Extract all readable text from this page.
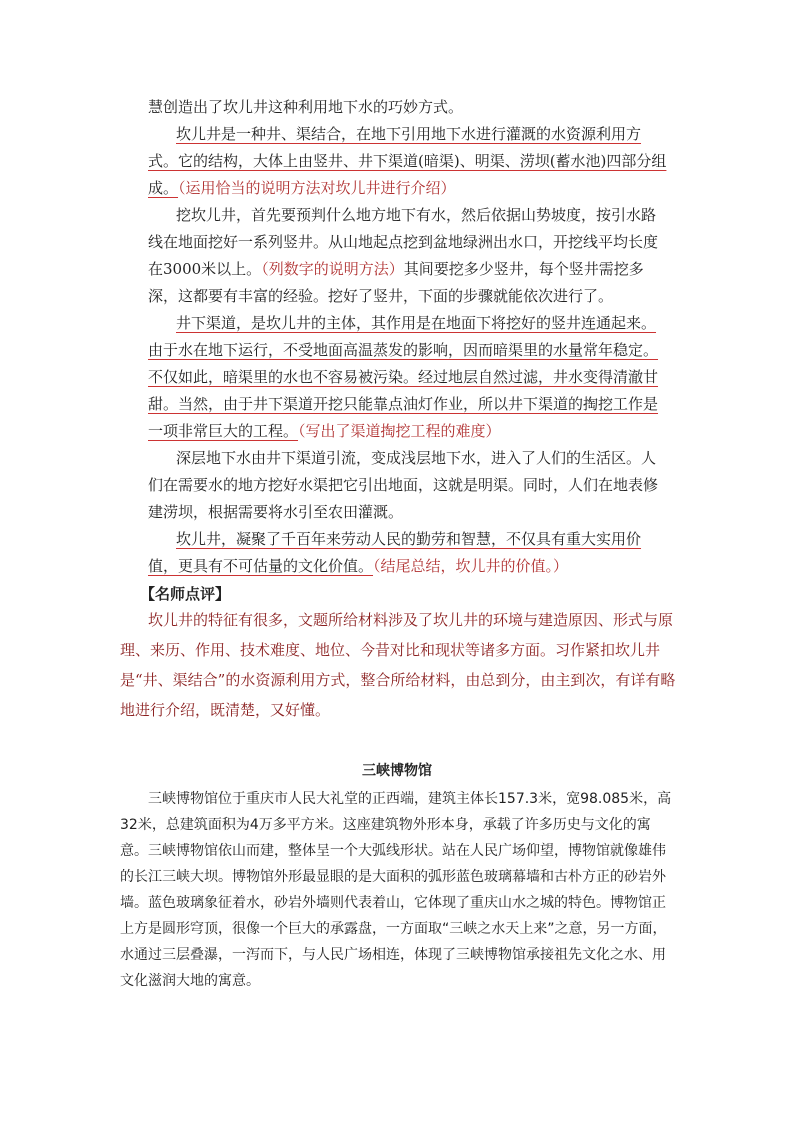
慧创造出了坎儿井这种利用地下水的巧妙方式。

坎儿井是一种井、渠结合，在地下引用地下水进行灌溉的水资源利用方式。它的结构，大体上由竖井、井下渠道(暗渠)、明渠、涝坝(蓄水池)四部分组成。（运用恰当的说明方法对坎儿井进行介绍）

挖坎儿井，首先要预判什么地方地下有水，然后依据山势坡度，按引水路线在地面挖好一系列竖井。从山地起点挖到盆地绿洲出水口，开挖线平均长度在3000米以上。（列数字的说明方法）其间要挖多少竖井，每个竖井需挖多深，这都要有丰富的经验。挖好了竖井，下面的步骤就能依次进行了。

井下渠道，是坎儿井的主体，其作用是在地面下将挖好的竖井连通起来。由于水在地下运行，不受地面高温蒸发的影响，因而暗渠里的水量常年稳定。不仅如此，暗渠里的水也不容易被污染。经过地层自然过滤，井水变得清澈甘甜。当然，由于井下渠道开挖只能靠点油灯作业，所以井下渠道的掏挖工作是一项非常巨大的工程。（写出了渠道掏挖工程的难度）

深层地下水由井下渠道引流，变成浅层地下水，进入了人们的生活区。人们在需要水的地方挖好水渠把它引出地面，这就是明渠。同时，人们在地表修建涝坝，根据需要将水引至农田灌溉。

坎儿井，凝聚了千百年来劳动人民的勤劳和智慧，不仅具有重大实用价值，更具有不可估量的文化价值。（结尾总结，坎儿井的价值。）

【名师点评】

坎儿井的特征有很多，文题所给材料涉及了坎儿井的环境与建造原因、形式与原理、来历、作用、技术难度、地位、今昔对比和现状等诸多方面。习作紧扣坎儿井是“井、渠结合”的水资源利用方式，整合所给材料，由总到分，由主到次，有详有略地进行介绍，既清楚，又好懂。

三峡博物馆

三峡博物馆位于重庆市人民大礼堂的正西端，建筑主体长157.3米，宽98.085米，高32米，总建筑面积为4万多平方米。这座建筑物外形本身，承载了许多历史与文化的寓意。 三峡博物馆依山而建，整体呈一个大弧线形状。站在人民广场仰望，博物馆就像雄伟的长江三峡大坝。博物馆外形最显眼的是大面积的弧形蓝色玻璃幕墙和古朴方正的砂岩外墙。蓝色玻璃象征着水，砂岩外墙则代表着山，它体现了重庆山水之城的特色。博物馆正上方是圆形穹顶，很像一个巨大的承露盘，一方面取“三峡之水天上来”之意，另一方面，水通过三层叠瀑，一泻而下，与人民广场相连，体现了三峡博物馆承接祖先文化之水、用文化滋润大地的寓意。
